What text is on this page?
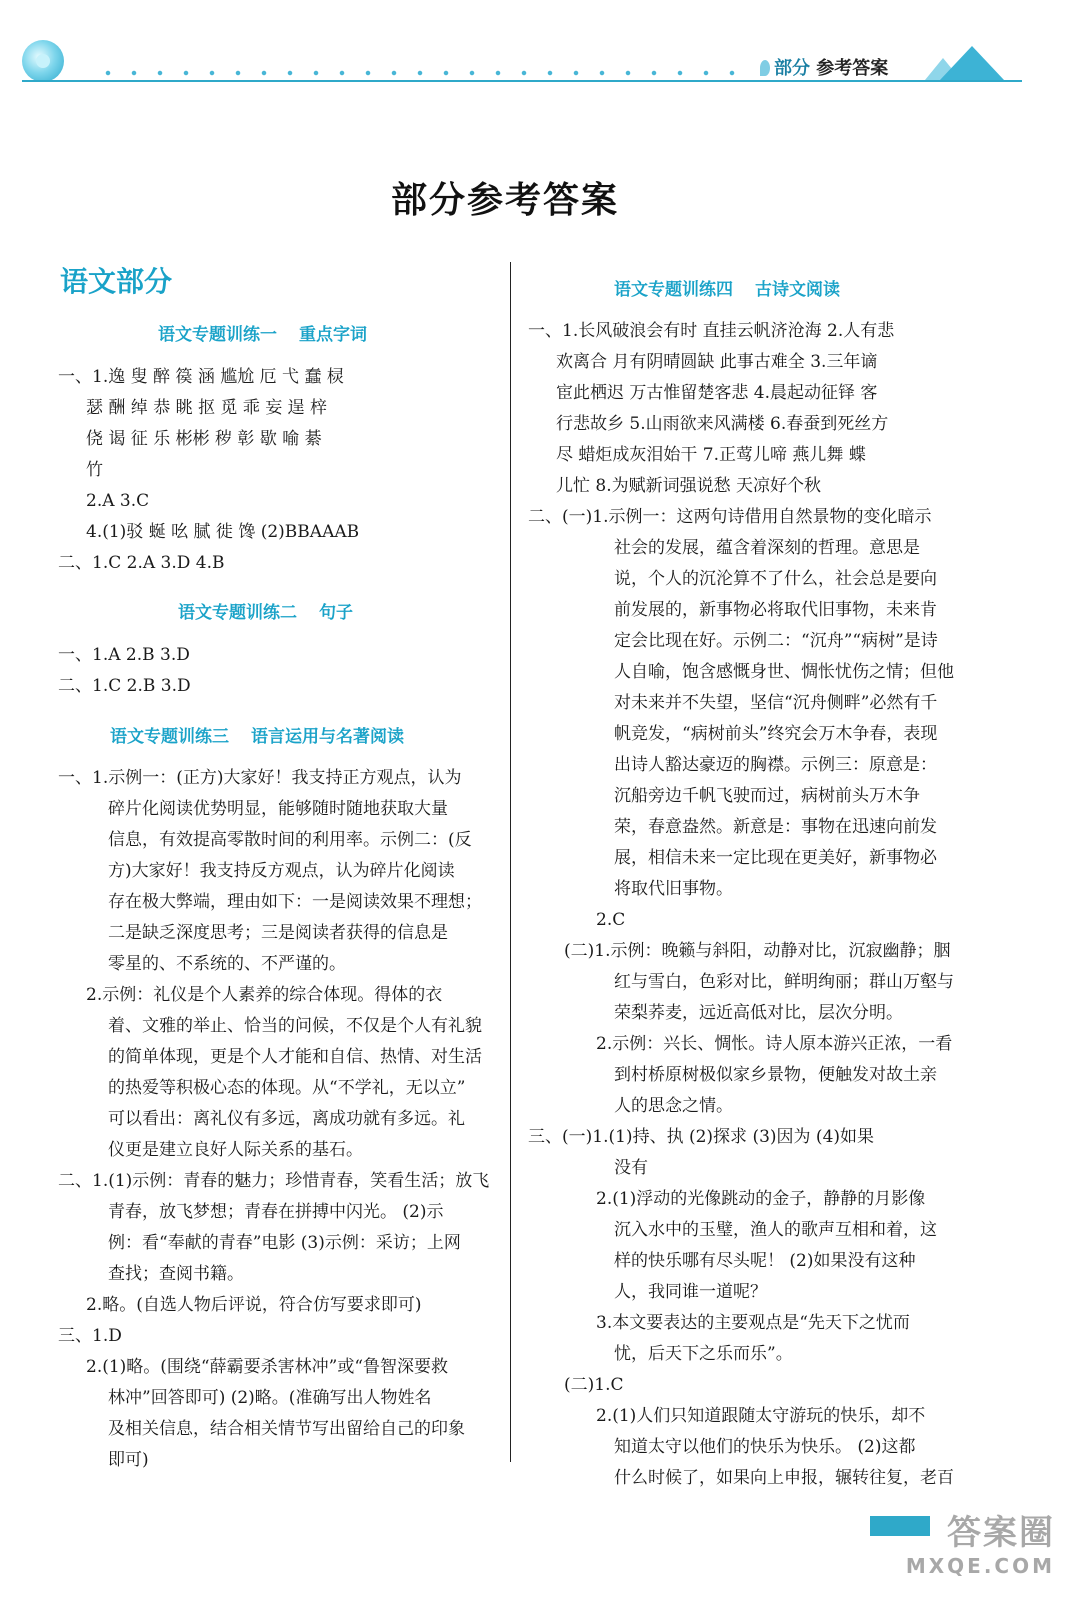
部分 参考答案
部分参考答案
语文部分
语文专题训练一 重点字词
一、1.逸 叟 醉 篌 涵 尴尬 厄 弋 蠢 棂
瑟 酬 绰 恭 眺 抠 觅 乖 妄 逞 梓
侥 谒 征 乐 彬彬 秽 彰 歇 喻 綦
竹
2.A 3.C
4.(1)驳 蜒 吆 腻 徙 馋 (2)BBAAAB
二、1.C 2.A 3.D 4.B
语文专题训练二 句子
一、1.A 2.B 3.D
二、1.C 2.B 3.D
语文专题训练三 语言运用与名著阅读
一、1.示例一：(正方)大家好！我支持正方观点，认为
碎片化阅读优势明显，能够随时随地获取大量
信息，有效提高零散时间的利用率。示例二：(反
方)大家好！我支持反方观点，认为碎片化阅读
存在极大弊端，理由如下：一是阅读效果不理想；
二是缺乏深度思考；三是阅读者获得的信息是
零星的、不系统的、不严谨的。
2.示例：礼仪是个人素养的综合体现。得体的衣
着、文雅的举止、恰当的问候，不仅是个人有礼貌
的简单体现，更是个人才能和自信、热情、对生活
的热爱等积极心态的体现。从“不学礼，无以立”
可以看出：离礼仪有多远，离成功就有多远。礼
仪更是建立良好人际关系的基石。
二、1.(1)示例：青春的魅力；珍惜青春，笑看生活；放飞
青春，放飞梦想；青春在拼搏中闪光。 (2)示
例：看“奉献的青春”电影 (3)示例：采访；上网
查找；查阅书籍。
2.略。(自选人物后评说，符合仿写要求即可)
三、1.D
2.(1)略。(围绕“薛霸要杀害林冲”或“鲁智深要救
林冲”回答即可) (2)略。(准确写出人物姓名
及相关信息，结合相关情节写出留给自己的印象
即可)
语文专题训练四 古诗文阅读
一、1.长风破浪会有时 直挂云帆济沧海 2.人有悲
欢离合 月有阴晴圆缺 此事古难全 3.三年谪
宦此栖迟 万古惟留楚客悲 4.晨起动征铎 客
行悲故乡 5.山雨欲来风满楼 6.春蚕到死丝方
尽 蜡炬成灰泪始干 7.正莺儿啼 燕儿舞 蝶
儿忙 8.为赋新词强说愁 天凉好个秋
二、(一)1.示例一：这两句诗借用自然景物的变化暗示
社会的发展，蕴含着深刻的哲理。意思是
说，个人的沉沦算不了什么，社会总是要向
前发展的，新事物必将取代旧事物，未来肯
定会比现在好。示例二：“沉舟”“病树”是诗
人自喻，饱含感慨身世、惆怅忧伤之情；但他
对未来并不失望，坚信“沉舟侧畔”必然有千
帆竞发，“病树前头”终究会万木争春，表现
出诗人豁达豪迈的胸襟。示例三：原意是：
沉船旁边千帆飞驶而过，病树前头万木争
荣，春意盎然。新意是：事物在迅速向前发
展，相信未来一定比现在更美好，新事物必
将取代旧事物。
2.C
(二)1.示例：晚籁与斜阳，动静对比，沉寂幽静；胭
红与雪白，色彩对比，鲜明绚丽；群山万壑与
荣梨荞麦，远近高低对比，层次分明。
2.示例：兴长、惆怅。诗人原本游兴正浓，一看
到村桥原树极似家乡景物，便触发对故土亲
人的思念之情。
三、(一)1.(1)持、执 (2)探求 (3)因为 (4)如果
没有
2.(1)浮动的光像跳动的金子，静静的月影像
沉入水中的玉璧，渔人的歌声互相和着，这
样的快乐哪有尽头呢！ (2)如果没有这种
人，我同谁一道呢？
3.本文要表达的主要观点是“先天下之忧而
忧，后天下之乐而乐”。
(二)1.C
2.(1)人们只知道跟随太守游玩的快乐，却不
知道太守以他们的快乐为快乐。 (2)这都
什么时候了，如果向上申报，辗转往复，老百
答案圈
MXQE.COM
